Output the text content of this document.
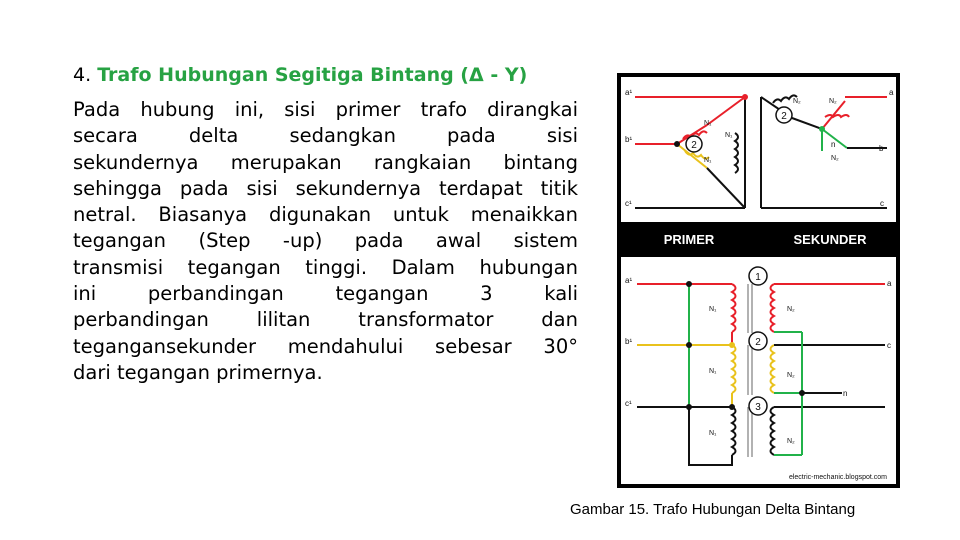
4. Trafo Hubungan Segitiga Bintang (Δ - Y)
Pada hubung ini, sisi primer trafo dirangkai
secara delta sedangkan pada sisi
sekundernya merupakan rangkaian bintang
sehingga pada sisi sekundernya terdapat titik
netral. Biasanya digunakan untuk menaikkan
tegangan (Step -up) pada awal sistem
transmisi tegangan tinggi. Dalam hubungan
ini perbandingan tegangan 3 kali
perbandingan lilitan transformator dan
tegangansekunder mendahului sebesar 30°
dari tegangan primernya.
2
a¹
b¹
c¹
N₁
N₁
N₁
2
a
b
c
n
N₂	N₂
N₂
PRIMER	SEKUNDER
a¹
b¹
c¹
N₁
N₁
N₁
1
2
3
a
c
n
N₂
N₂
N₂
electric-mechanic.blogspot.com
Gambar 15. Trafo Hubungan Delta Bintang
